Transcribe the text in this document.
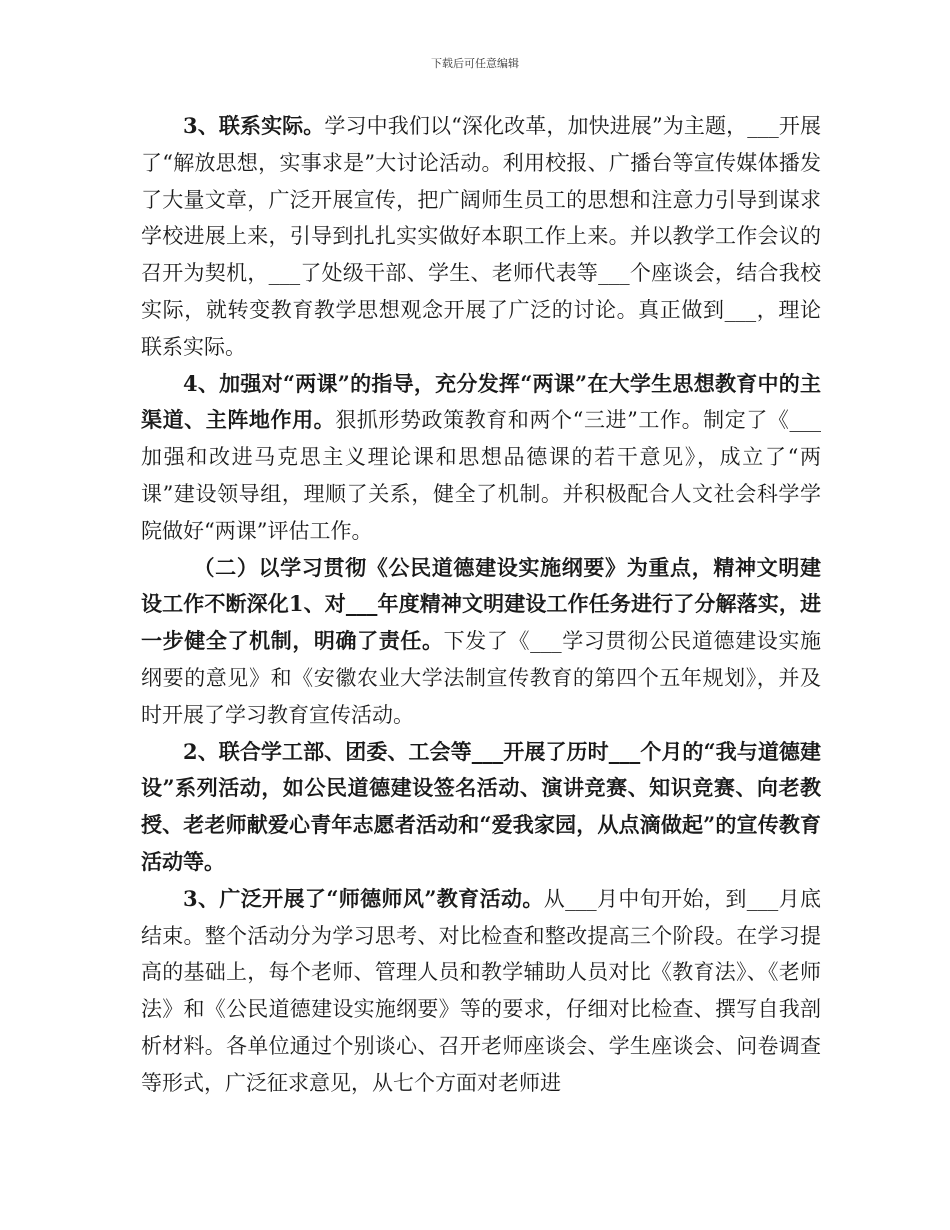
下载后可任意编辑

3、联系实际。学习中我们以“深化改革，加快进展”为主题，___开展了“解放思想，实事求是”大讨论活动。利用校报、广播台等宣传媒体播发了大量文章，广泛开展宣传，把广阔师生员工的思想和注意力引导到谋求学校进展上来，引导到扎扎实实做好本职工作上来。并以教学工作会议的召开为契机，___了处级干部、学生、老师代表等___个座谈会，结合我校实际，就转变教育教学思想观念开展了广泛的讨论。真正做到___，理论联系实际。

4、加强对“两课”的指导，充分发挥“两课”在大学生思想教育中的主渠道、主阵地作用。狠抓形势政策教育和两个“三进”工作。制定了《___加强和改进马克思主义理论课和思想品德课的若干意见》，成立了“两课”建设领导组，理顺了关系，健全了机制。并积极配合人文社会科学学院做好“两课”评估工作。

（二）以学习贯彻《公民道德建设实施纲要》为重点，精神文明建设工作不断深化1、对___年度精神文明建设工作任务进行了分解落实，进一步健全了机制，明确了责任。下发了《___学习贯彻公民道德建设实施纲要的意见》和《安徽农业大学法制宣传教育的第四个五年规划》，并及时开展了学习教育宣传活动。

2、联合学工部、团委、工会等___开展了历时___个月的“我与道德建设”系列活动，如公民道德建设签名活动、演讲竞赛、知识竞赛、向老教授、老老师献爱心青年志愿者活动和“爱我家园，从点滴做起”的宣传教育活动等。

3、广泛开展了“师德师风”教育活动。从___月中旬开始，到___月底结束。整个活动分为学习思考、对比检查和整改提高三个阶段。在学习提高的基础上，每个老师、管理人员和教学辅助人员对比《教育法》、《老师法》和《公民道德建设实施纲要》等的要求，仔细对比检查、撰写自我剖析材料。各单位通过个别谈心、召开老师座谈会、学生座谈会、问卷调查等形式，广泛征求意见，从七个方面对老师进
